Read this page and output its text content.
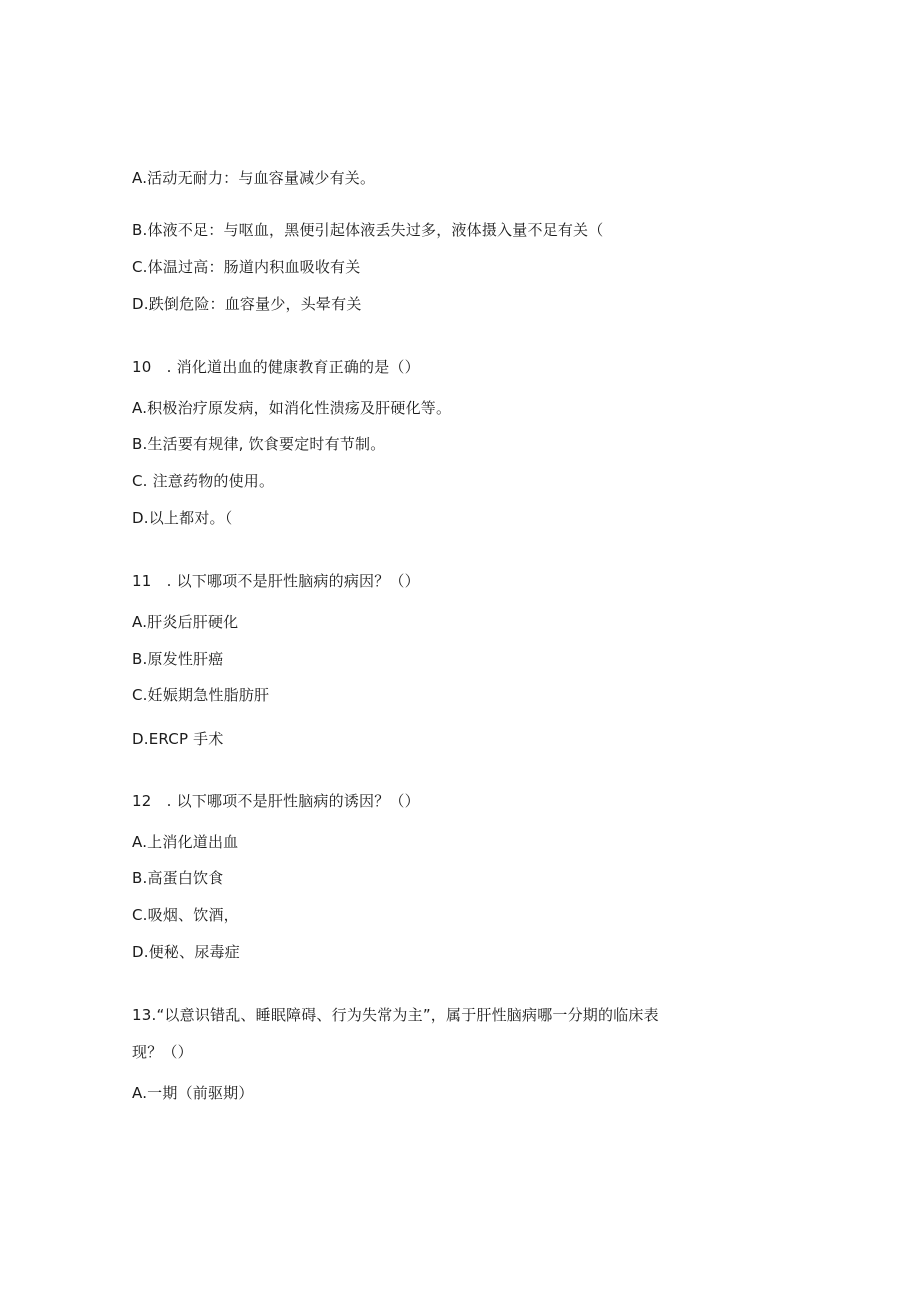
A.活动无耐力：与血容量减少有关。
B.体液不足：与呕血，黑便引起体液丢失过多，液体摄入量不足有关（
C.体温过高：肠道内积血吸收有关
D.跌倒危险：血容量少，头晕有关
10　. 消化道出血的健康教育正确的是（）
A.积极治疗原发病，如消化性溃疡及肝硬化等。
B.生活要有规律, 饮食要定时有节制。
C. 注意药物的使用。
D.以上都对。（
11　. 以下哪项不是肝性脑病的病因？（）
A.肝炎后肝硬化
B.原发性肝癌
C.妊娠期急性脂肪肝
D.ERCP 手术
12　. 以下哪项不是肝性脑病的诱因？（）
A.上消化道出血
B.高蛋白饮食
C.吸烟、饮酒，
D.便秘、尿毒症
13.“以意识错乱、睡眠障碍、行为失常为主”，属于肝性脑病哪一分期的临床表
现？（）
A.一期（前驱期）
